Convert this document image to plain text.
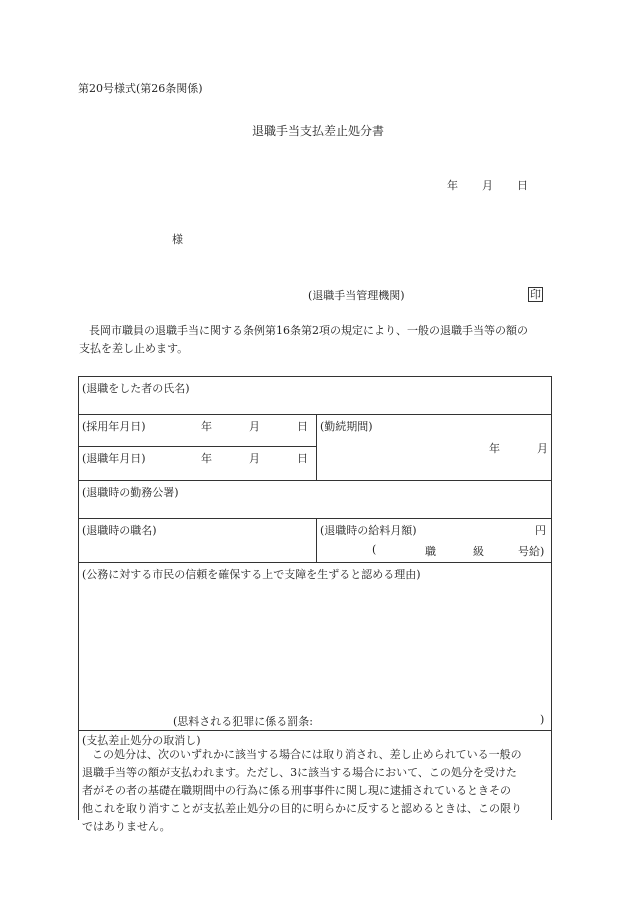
第20号様式(第26条関係)
退職手当支払差止処分書
年 月 日
様
(退職手当管理機関)	印
長岡市職員の退職手当に関する条例第16条第2項の規定により、一般の退職手当等の額の
支払を差し止めます。
(退職をした者の氏名)
(採用年月日)	年	月	日
(退職年月日)	年	月	日
(勤続期間)
年	月
(退職時の勤務公署)
(退職時の職名)	(退職時の給料月額)	円
(	職	級	号給)
(公務に対する市民の信頼を確保する上で支障を生ずると認める理由)
(思料される犯罪に係る罰条:	)
(支払差止処分の取消し)
この処分は、次のいずれかに該当する場合には取り消され、差し止められている一般の
退職手当等の額が支払われます。ただし、3に該当する場合において、この処分を受けた
者がその者の基礎在職期間中の行為に係る刑事事件に関し現に逮捕されているときその
他これを取り消すことが支払差止処分の目的に明らかに反すると認めるときは、この限り
ではありません。
